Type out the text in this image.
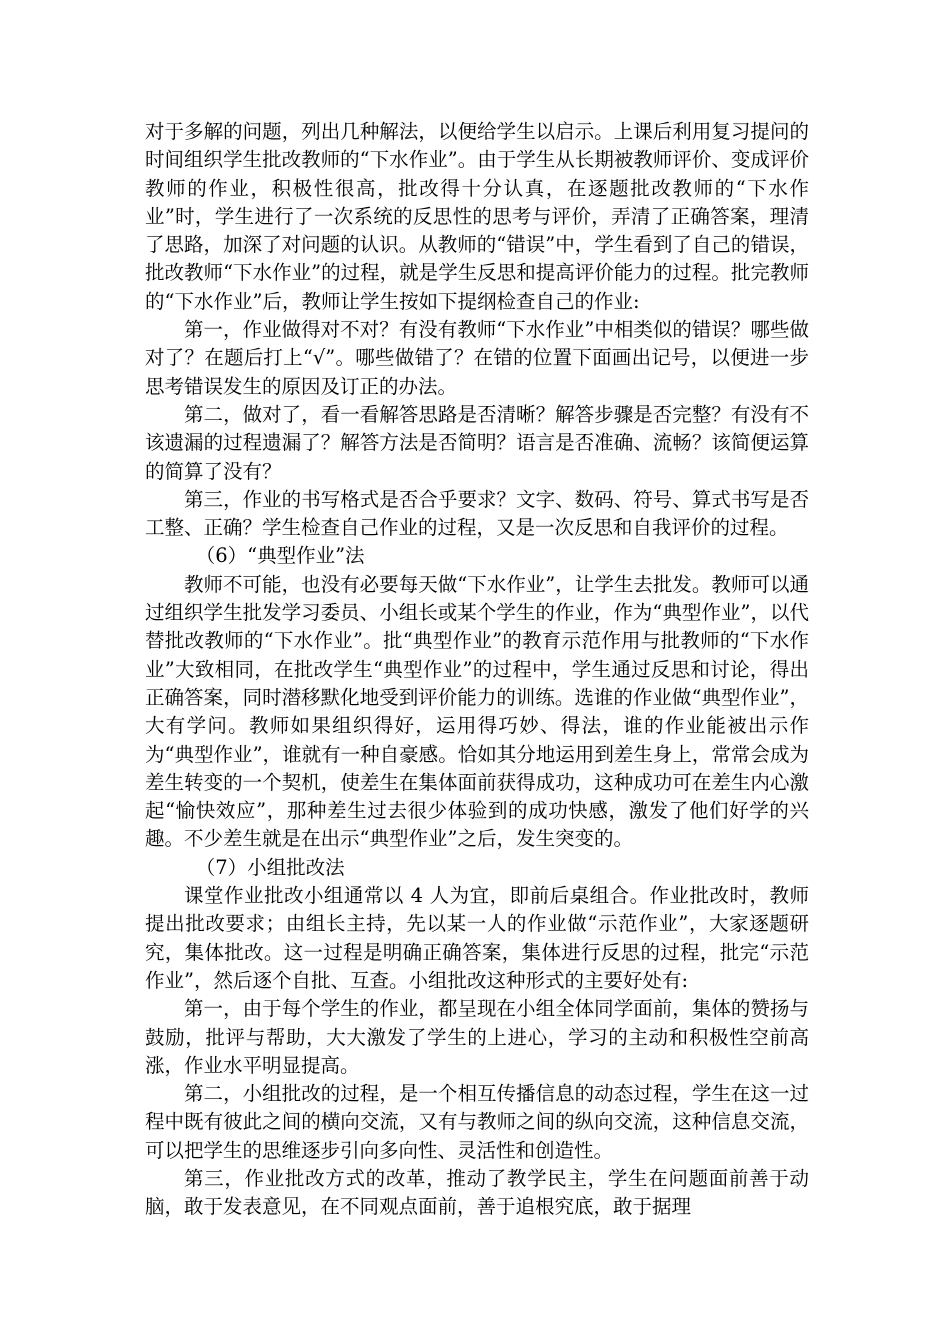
对于多解的问题，列出几种解法，以便给学生以启示。上课后利用复习提问的时间组织学生批改教师的“下水作业”。由于学生从长期被教师评价、变成评价教师的作业，积极性很高，批改得十分认真，在逐题批改教师的“下水作业”时，学生进行了一次系统的反思性的思考与评价，弄清了正确答案，理清了思路，加深了对问题的认识。从教师的“错误”中，学生看到了自己的错误，批改教师“下水作业”的过程，就是学生反思和提高评价能力的过程。批完教师的“下水作业”后，教师让学生按如下提纲检查自己的作业:

第一，作业做得对不对？有没有教师“下水作业”中相类似的错误？哪些做对了？在题后打上“√”。哪些做错了？在错的位置下面画出记号，以便进一步思考错误发生的原因及订正的办法。

第二，做对了，看一看解答思路是否清晰？解答步骤是否完整？有没有不该遗漏的过程遗漏了？解答方法是否简明？语言是否准确、流畅？该简便运算的简算了没有？

第三，作业的书写格式是否合乎要求？文字、数码、符号、算式书写是否工整、正确？学生检查自己作业的过程，又是一次反思和自我评价的过程。

（6）“典型作业”法

教师不可能，也没有必要每天做“下水作业”，让学生去批发。教师可以通过组织学生批发学习委员、小组长或某个学生的作业，作为“典型作业”，以代替批改教师的“下水作业”。批“典型作业”的教育示范作用与批教师的“下水作业”大致相同，在批改学生“典型作业”的过程中，学生通过反思和讨论，得出正确答案，同时潜移默化地受到评价能力的训练。选谁的作业做“典型作业”，大有学问。教师如果组织得好，运用得巧妙、得法，谁的作业能被出示作为“典型作业”，谁就有一种自豪感。恰如其分地运用到差生身上，常常会成为差生转变的一个契机，使差生在集体面前获得成功，这种成功可在差生内心激起“愉快效应”，那种差生过去很少体验到的成功快感，激发了他们好学的兴趣。不少差生就是在出示“典型作业”之后，发生突变的。

（7）小组批改法

课堂作业批改小组通常以 4 人为宜，即前后桌组合。作业批改时，教师提出批改要求；由组长主持，先以某一人的作业做“示范作业”，大家逐题研究，集体批改。这一过程是明确正确答案，集体进行反思的过程，批完“示范作业”，然后逐个自批、互查。小组批改这种形式的主要好处有:

第一，由于每个学生的作业，都呈现在小组全体同学面前，集体的赞扬与鼓励，批评与帮助，大大激发了学生的上进心，学习的主动和积极性空前高涨，作业水平明显提高。

第二，小组批改的过程，是一个相互传播信息的动态过程，学生在这一过程中既有彼此之间的横向交流，又有与教师之间的纵向交流，这种信息交流，可以把学生的思维逐步引向多向性、灵活性和创造性。

第三，作业批改方式的改革，推动了教学民主，学生在问题面前善于动脑，敢于发表意见，在不同观点面前，善于追根究底，敢于据理
